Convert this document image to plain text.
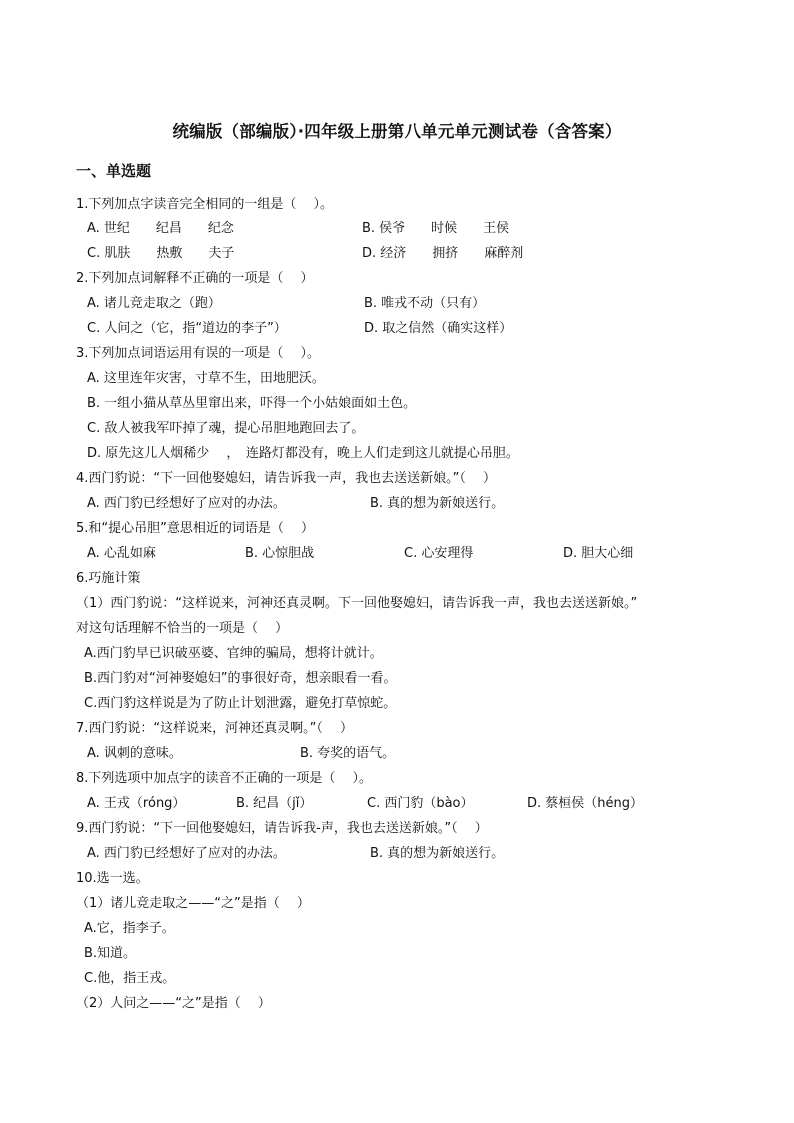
统编版（部编版）·四年级上册第八单元单元测试卷（含答案）
一、单选题
1.下列加点字读音完全相同的一组是（　 ）。
A. 世纪　　纪昌　　纪念	B. 侯爷　　时候　　王侯
C. 肌肤　　热敷　　夫子	D. 经济　　拥挤　　麻醉剂
2.下列加点词解释不正确的一项是（　 ）
A. 诸儿竞走取之（跑）	B. 唯戎不动（只有）
C. 人问之（它，指“道边的李子”）	D. 取之信然（确实这样）
3.下列加点词语运用有误的一项是（　 ）。
A. 这里连年灾害，寸草不生，田地肥沃。
B. 一组小猫从草丛里窜出来，吓得一个小姑娘面如土色。
C. 敌人被我军吓掉了魂，提心吊胆地跑回去了。
D. 原先这儿人烟稀少　 ，　连路灯都没有，晚上人们走到这儿就提心吊胆。
4.西门豹说：“下一回他娶媳妇，请告诉我一声，我也去送送新娘。”（　 ）
A. 西门豹已经想好了应对的办法。	B. 真的想为新娘送行。
5.和“提心吊胆”意思相近的词语是（　 ）
A. 心乱如麻	B. 心惊胆战	C. 心安理得	D. 胆大心细
6.巧施计策
（1）西门豹说：“这样说来，河神还真灵啊。下一回他娶媳妇，请告诉我一声，我也去送送新娘。”
对这句话理解不恰当的一项是（　 ）
A.西门豹早已识破巫婆、官绅的骗局，想将计就计。
B.西门豹对“河神娶媳妇”的事很好奇，想亲眼看一看。
C.西门豹这样说是为了防止计划泄露，避免打草惊蛇。
7.西门豹说：“这样说来，河神还真灵啊。”（　 ）
A. 讽刺的意味。	B. 夸奖的语气。
8.下列选项中加点字的读音不正确的一项是（　 ）。
A. 王戎（róng）	B. 纪昌（jǐ）	C. 西门豹（bào）	D. 蔡桓侯（héng）
9.西门豹说：“下一回他娶媳妇，请告诉我-声，我也去送送新娘。”（　 ）
A. 西门豹已经想好了应对的办法。	B. 真的想为新娘送行。
10.选一选。
（1）诸儿竞走取之——“之”是指（　 ）
A.它，指李子。
B.知道。
C.他，指王戎。
（2）人问之——“之”是指（　 ）
